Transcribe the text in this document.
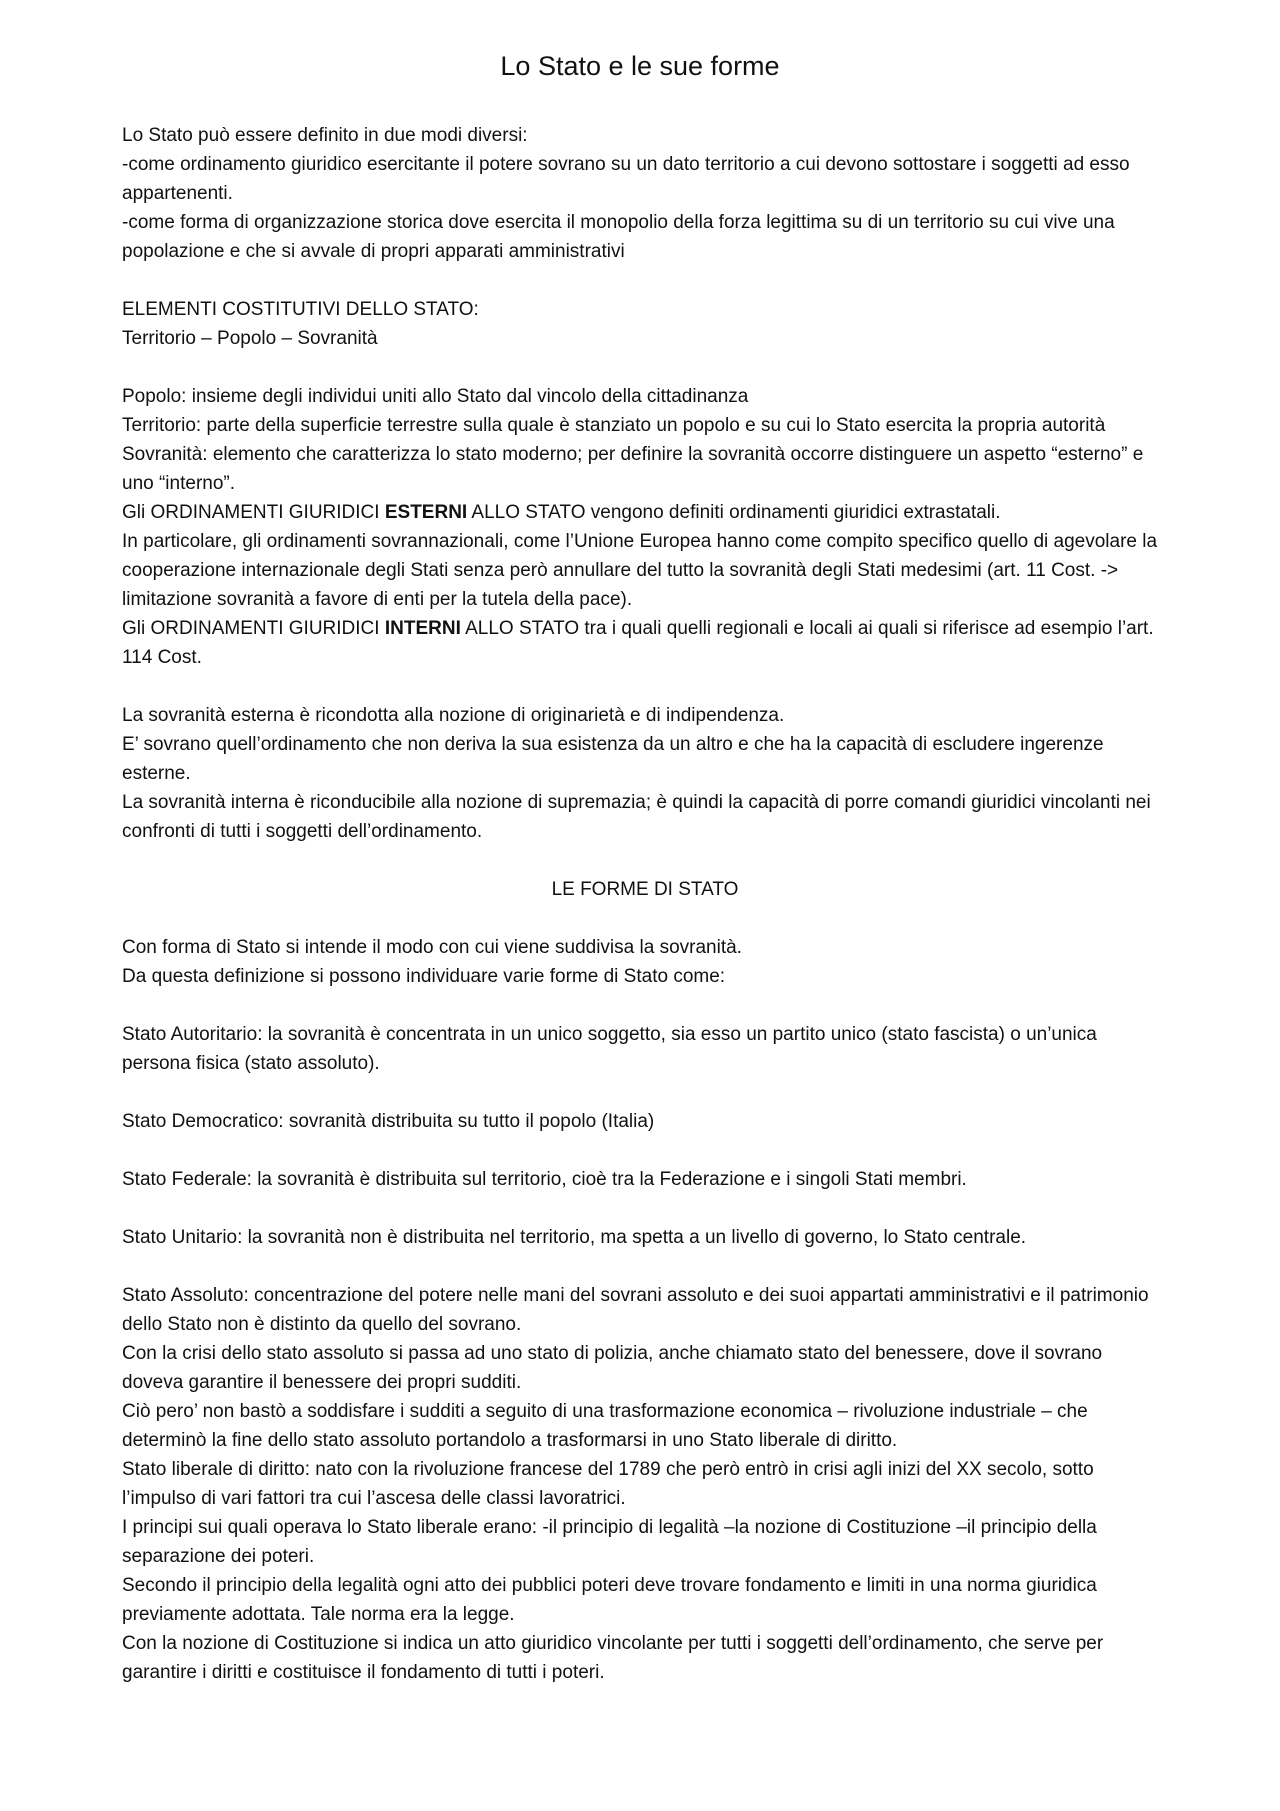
Lo Stato e le sue forme

Lo Stato può essere definito in due modi diversi:

-come ordinamento giuridico esercitante il potere sovrano su un dato territorio a cui devono sottostare i soggetti ad esso appartenenti.

-come forma di organizzazione storica dove esercita il monopolio della forza legittima su di un territorio su cui vive una popolazione e che si avvale di propri apparati amministrativi

ELEMENTI COSTITUTIVI DELLO STATO:

Territorio – Popolo – Sovranità

Popolo: insieme degli individui uniti allo Stato dal vincolo della cittadinanza

Territorio: parte della superficie terrestre sulla quale è stanziato un popolo e su cui lo Stato esercita la propria autorità

Sovranità: elemento che caratterizza lo stato moderno; per definire la sovranità occorre distinguere un aspetto “esterno” e uno “interno”.

Gli ORDINAMENTI GIURIDICI ESTERNI ALLO STATO vengono definiti ordinamenti giuridici extrastatali.

In particolare, gli ordinamenti sovrannazionali, come l’Unione Europea hanno come compito specifico quello di agevolare la cooperazione internazionale degli Stati senza però annullare del tutto la sovranità degli Stati medesimi (art. 11 Cost. -> limitazione sovranità a favore di enti per la tutela della pace).

Gli ORDINAMENTI GIURIDICI INTERNI ALLO STATO tra i quali quelli regionali e locali ai quali si riferisce ad esempio l’art. 114 Cost.

La sovranità esterna è ricondotta alla nozione di originarietà e di indipendenza.

E’ sovrano quell’ordinamento che non deriva la sua esistenza da un altro e che ha la capacità di escludere ingerenze esterne.

La sovranità interna è riconducibile alla nozione di supremazia; è quindi la capacità di porre comandi giuridici vincolanti nei confronti di tutti i soggetti dell’ordinamento.

LE FORME DI STATO

Con forma di Stato si intende il modo con cui viene suddivisa la sovranità.

Da questa definizione si possono individuare varie forme di Stato come:

Stato Autoritario: la sovranità è concentrata in un unico soggetto, sia esso un partito unico (stato fascista) o un’unica persona fisica (stato assoluto).

Stato Democratico: sovranità distribuita su tutto il popolo (Italia)

Stato Federale: la sovranità è distribuita sul territorio, cioè tra la Federazione e i singoli Stati membri.

Stato Unitario: la sovranità non è distribuita nel territorio, ma spetta a un livello di governo, lo Stato centrale.

Stato Assoluto: concentrazione del potere nelle mani del sovrani assoluto e dei suoi appartati amministrativi e il patrimonio dello Stato non è distinto da quello del sovrano.

Con la crisi dello stato assoluto si passa ad uno stato di polizia, anche chiamato stato del benessere, dove il sovrano doveva garantire il benessere dei propri sudditi.

Ciò pero’ non bastò a soddisfare i sudditi a seguito di una trasformazione economica – rivoluzione industriale – che determinò la fine dello stato assoluto portandolo a trasformarsi in uno Stato liberale di diritto.

Stato liberale di diritto: nato con la rivoluzione francese del 1789 che però entrò in crisi agli inizi del XX secolo, sotto l’impulso di vari fattori tra cui l’ascesa delle classi lavoratrici.

I principi sui quali operava lo Stato liberale erano: -il principio di legalità –la nozione di Costituzione –il principio della separazione dei poteri.

Secondo il principio della legalità ogni atto dei pubblici poteri deve trovare fondamento e limiti in una norma giuridica previamente adottata. Tale norma era la legge.

Con la nozione di Costituzione si indica un atto giuridico vincolante per tutti i soggetti dell’ordinamento, che serve per garantire i diritti e costituisce il fondamento di tutti i poteri.
